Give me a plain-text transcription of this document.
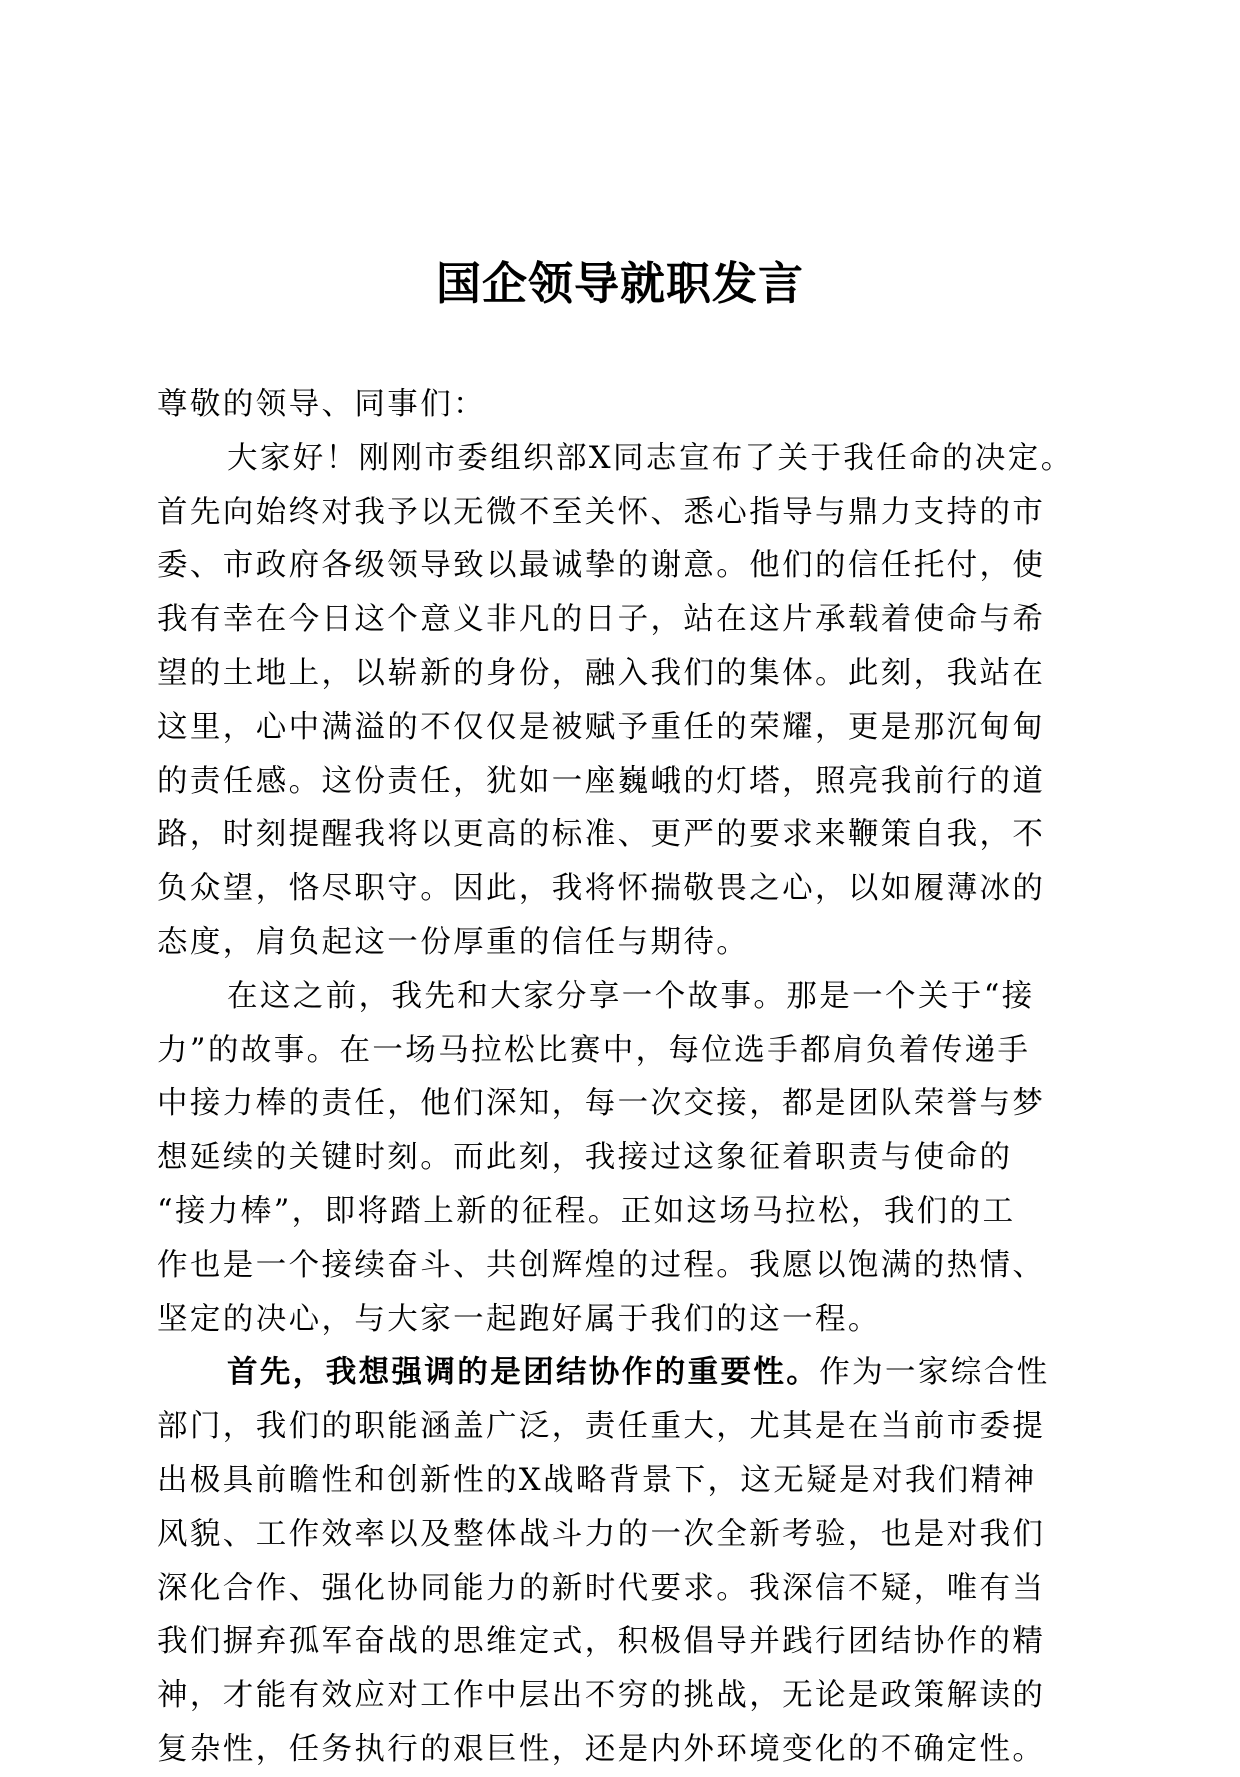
国企领导就职发言
尊敬的领导、同事们：
大家好！刚刚市委组织部X同志宣布了关于我任命的决定。
首先向始终对我予以无微不至关怀、悉心指导与鼎力支持的市
委、市政府各级领导致以最诚挚的谢意。他们的信任托付，使
我有幸在今日这个意义非凡的日子，站在这片承载着使命与希
望的土地上，以崭新的身份，融入我们的集体。此刻，我站在
这里，心中满溢的不仅仅是被赋予重任的荣耀，更是那沉甸甸
的责任感。这份责任，犹如一座巍峨的灯塔，照亮我前行的道
路，时刻提醒我将以更高的标准、更严的要求来鞭策自我，不
负众望，恪尽职守。因此，我将怀揣敬畏之心，以如履薄冰的
态度，肩负起这一份厚重的信任与期待。
在这之前，我先和大家分享一个故事。那是一个关于“接
力”的故事。在一场马拉松比赛中，每位选手都肩负着传递手
中接力棒的责任，他们深知，每一次交接，都是团队荣誉与梦
想延续的关键时刻。而此刻，我接过这象征着职责与使命的
“接力棒”，即将踏上新的征程。正如这场马拉松，我们的工
作也是一个接续奋斗、共创辉煌的过程。我愿以饱满的热情、
坚定的决心，与大家一起跑好属于我们的这一程。
首先，我想强调的是团结协作的重要性。作为一家综合性
部门，我们的职能涵盖广泛，责任重大，尤其是在当前市委提
出极具前瞻性和创新性的X战略背景下，这无疑是对我们精神
风貌、工作效率以及整体战斗力的一次全新考验，也是对我们
深化合作、强化协同能力的新时代要求。我深信不疑，唯有当
我们摒弃孤军奋战的思维定式，积极倡导并践行团结协作的精
神，才能有效应对工作中层出不穷的挑战，无论是政策解读的
复杂性，任务执行的艰巨性，还是内外环境变化的不确定性。
